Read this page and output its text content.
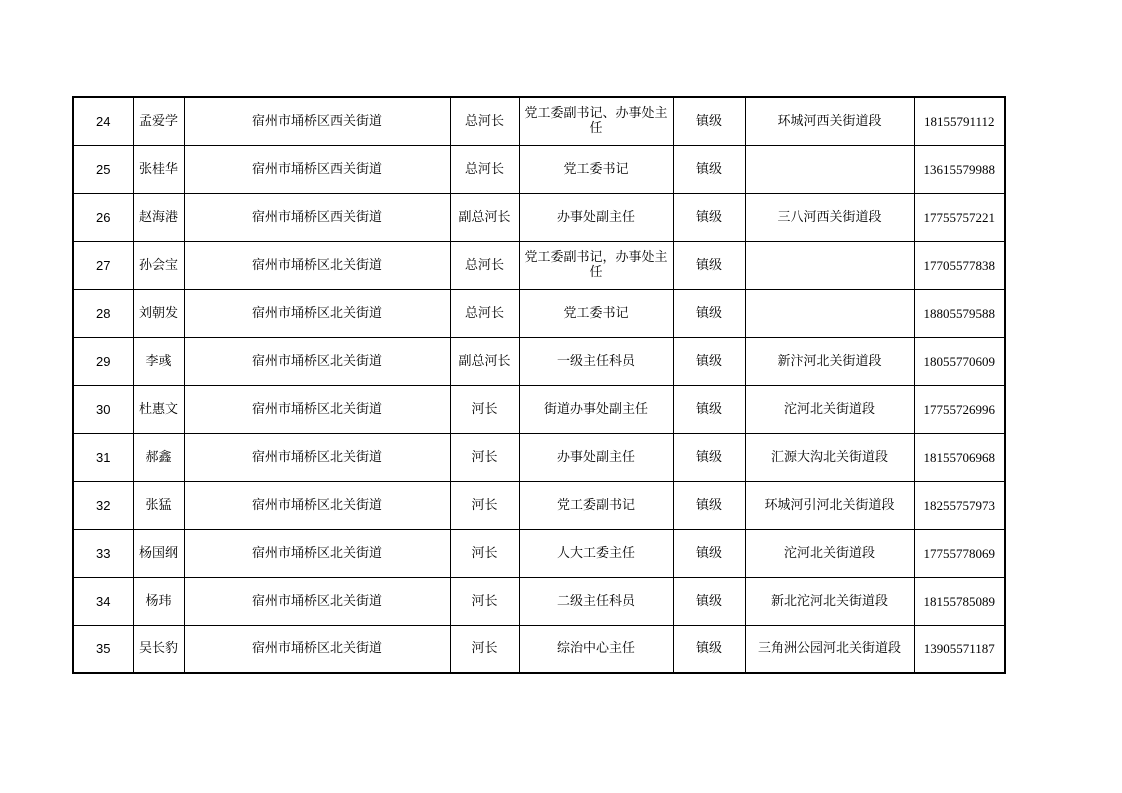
24	孟爱学	宿州市埇桥区西关街道	总河长	党工委副书记、办事处主任	镇级	环城河西关街道段	18155791112
25	张桂华	宿州市埇桥区西关街道	总河长	党工委书记	镇级		13615579988
26	赵海港	宿州市埇桥区西关街道	副总河长	办事处副主任	镇级	三八河西关街道段	17755757221
27	孙会宝	宿州市埇桥区北关街道	总河长	党工委副书记，办事处主任	镇级		17705577838
28	刘朝发	宿州市埇桥区北关街道	总河长	党工委书记	镇级		18805579588
29	李彧	宿州市埇桥区北关街道	副总河长	一级主任科员	镇级	新汴河北关街道段	18055770609
30	杜惠文	宿州市埇桥区北关街道	河长	街道办事处副主任	镇级	沱河北关街道段	17755726996
31	郝鑫	宿州市埇桥区北关街道	河长	办事处副主任	镇级	汇源大沟北关街道段	18155706968
32	张猛	宿州市埇桥区北关街道	河长	党工委副书记	镇级	环城河引河北关街道段	18255757973
33	杨国纲	宿州市埇桥区北关街道	河长	人大工委主任	镇级	沱河北关街道段	17755778069
34	杨玮	宿州市埇桥区北关街道	河长	二级主任科员	镇级	新北沱河北关街道段	18155785089
35	吴长豹	宿州市埇桥区北关街道	河长	综治中心主任	镇级	三角洲公园河北关街道段	13905571187
